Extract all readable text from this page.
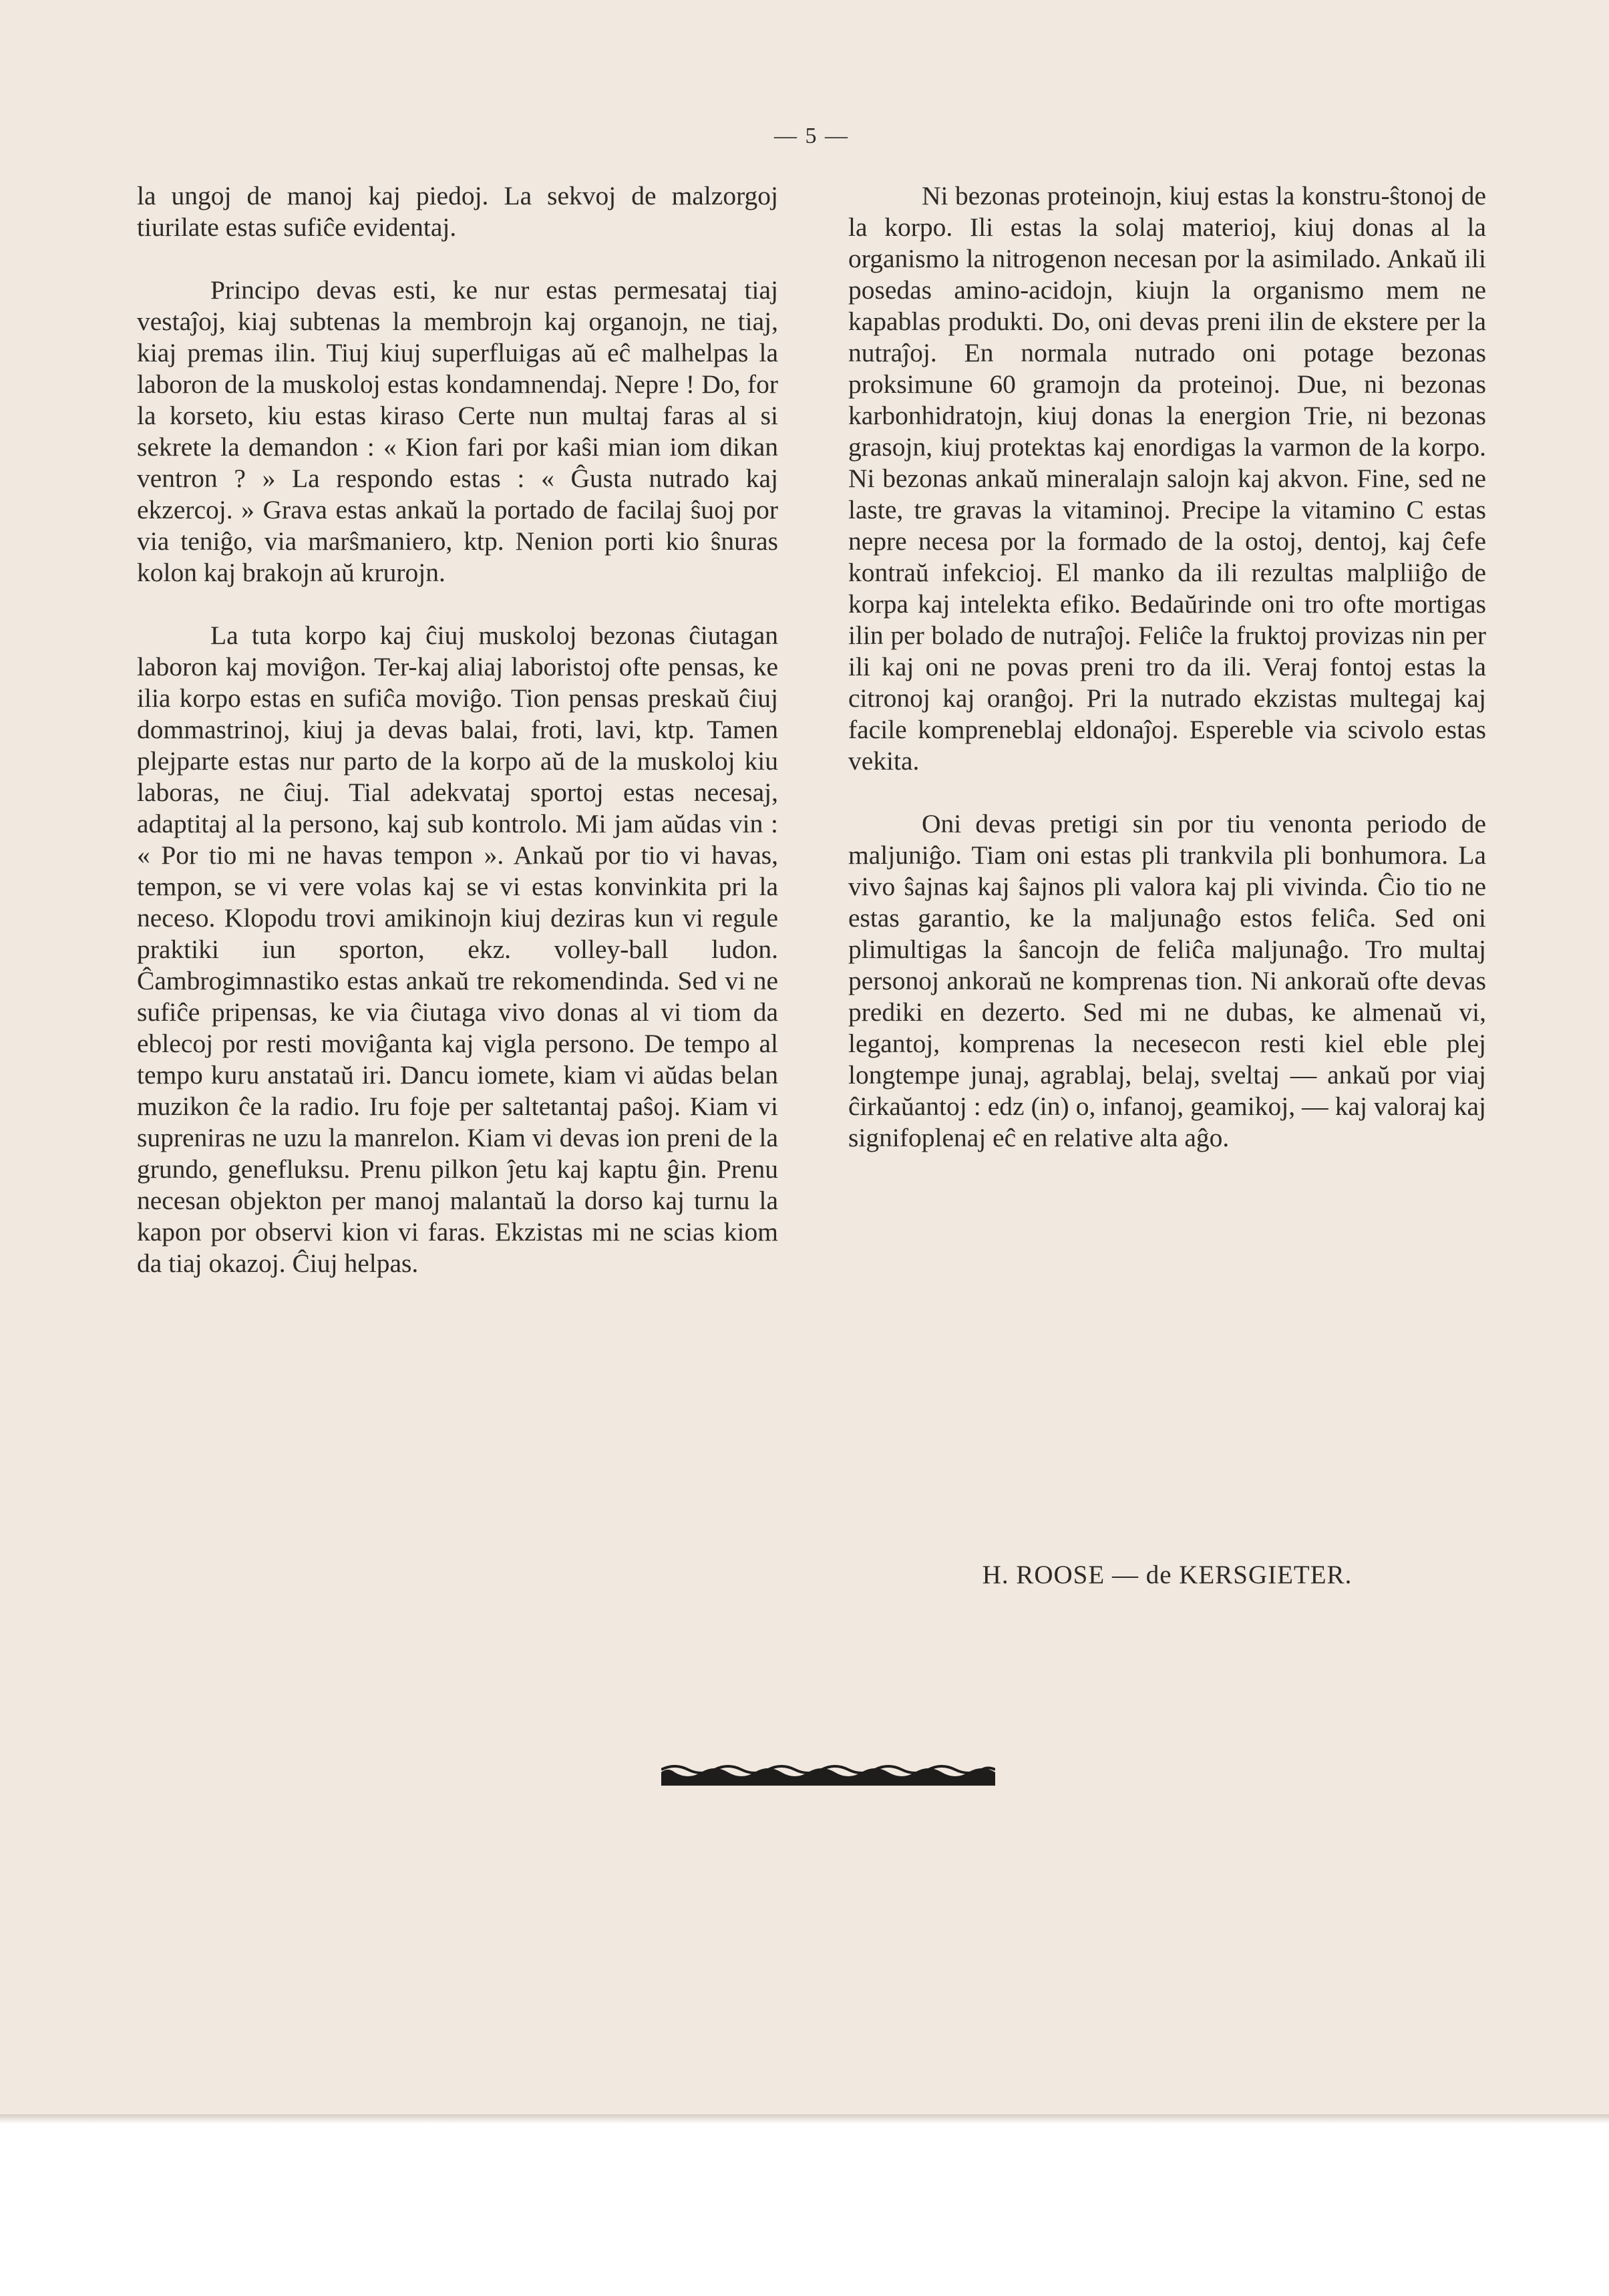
— 5 —

la ungoj de manoj kaj piedoj. La sekvoj de malzorgoj tiurilate estas sufiĉe evidentaj.

Principo devas esti, ke nur estas permesataj tiaj vestaĵoj, kiaj subtenas la membrojn kaj organojn, ne tiaj, kiaj premas ilin. Tiuj kiuj superfluigas aŭ eĉ malhelpas la laboron de la muskoloj estas kondamnendaj. Nepre ! Do, for la korseto, kiu estas kiraso Certe nun multaj faras al si sekrete la demandon : « Kion fari por kaŝi mian iom dikan ventron ? » La respondo estas : « Ĝusta nutrado kaj ekzercoj. » Grava estas ankaŭ la portado de facilaj ŝuoj por via teniĝo, via marŝmaniero, ktp. Nenion porti kio ŝnuras kolon kaj brakojn aŭ krurojn.

La tuta korpo kaj ĉiuj muskoloj bezonas ĉiutagan laboron kaj moviĝon. Ter-kaj aliaj laboristoj ofte pensas, ke ilia korpo estas en sufiĉa moviĝo. Tion pensas preskaŭ ĉiuj dommastrinoj, kiuj ja devas balai, froti, lavi, ktp. Tamen plejparte estas nur parto de la korpo aŭ de la muskoloj kiu laboras, ne ĉiuj. Tial adekvataj sportoj estas necesaj, adaptitaj al la persono, kaj sub kontrolo. Mi jam aŭdas vin : « Por tio mi ne havas tempon ». Ankaŭ por tio vi havas, tempon, se vi vere volas kaj se vi estas konvinkita pri la neceso. Klopodu trovi amikinojn kiuj deziras kun vi regule praktiki iun sporton, ekz. volley-ball ludon. Ĉambrogimnastiko estas ankaŭ tre rekomendinda. Sed vi ne sufiĉe pripensas, ke via ĉiutaga vivo donas al vi tiom da eblecoj por resti moviĝanta kaj vigla persono. De tempo al tempo kuru anstataŭ iri. Dancu iomete, kiam vi aŭdas belan muzikon ĉe la radio. Iru foje per saltetantaj paŝoj. Kiam vi supreniras ne uzu la manrelon. Kiam vi devas ion preni de la grundo, genefluksu. Prenu pilkon ĵetu kaj kaptu ĝin. Prenu necesan objekton per manoj malantaŭ la dorso kaj turnu la kapon por observi kion vi faras. Ekzistas mi ne scias kiom da tiaj okazoj. Ĉiuj helpas.

Ni bezonas proteinojn, kiuj estas la konstru-ŝtonoj de la korpo. Ili estas la solaj materioj, kiuj donas al la organismo la nitrogenon necesan por la asimilado. Ankaŭ ili posedas amino-acidojn, kiujn la organismo mem ne kapablas produkti. Do, oni devas preni ilin de ekstere per la nutraĵoj. En normala nutrado oni potage bezonas proksimune 60 gramojn da proteinoj. Due, ni bezonas karbonhidratojn, kiuj donas la energion Trie, ni bezonas grasojn, kiuj protektas kaj enordigas la varmon de la korpo. Ni bezonas ankaŭ mineralajn salojn kaj akvon. Fine, sed ne laste, tre gravas la vitaminoj. Precipe la vitamino C estas nepre necesa por la formado de la ostoj, dentoj, kaj ĉefe kontraŭ infekcioj. El manko da ili rezultas malpliiĝo de korpa kaj intelekta efiko. Bedaŭrinde oni tro ofte mortigas ilin per bolado de nutraĵoj. Feliĉe la fruktoj provizas nin per ili kaj oni ne povas preni tro da ili. Veraj fontoj estas la citronoj kaj oranĝoj. Pri la nutrado ekzistas multegaj kaj facile kompreneblaj eldonaĵoj. Espereble via scivolo estas vekita.

Oni devas pretigi sin por tiu venonta periodo de maljuniĝo. Tiam oni estas pli trankvila pli bonhumora. La vivo ŝajnas kaj ŝajnos pli valora kaj pli vivinda. Ĉio tio ne estas garantio, ke la maljunaĝo estos feliĉa. Sed oni plimultigas la ŝancojn de feliĉa maljunaĝo. Tro multaj personoj ankoraŭ ne komprenas tion. Ni ankoraŭ ofte devas prediki en dezerto. Sed mi ne dubas, ke almenaŭ vi, legantoj, komprenas la necesecon resti kiel eble plej longtempe junaj, agrablaj, belaj, sveltaj — ankaŭ por viaj ĉirkaŭantoj : edz (in) o, infanoj, geamikoj, — kaj valoraj kaj signifoplenaj eĉ en relative alta aĝo.

H. ROOSE — de KERSGIETER.
